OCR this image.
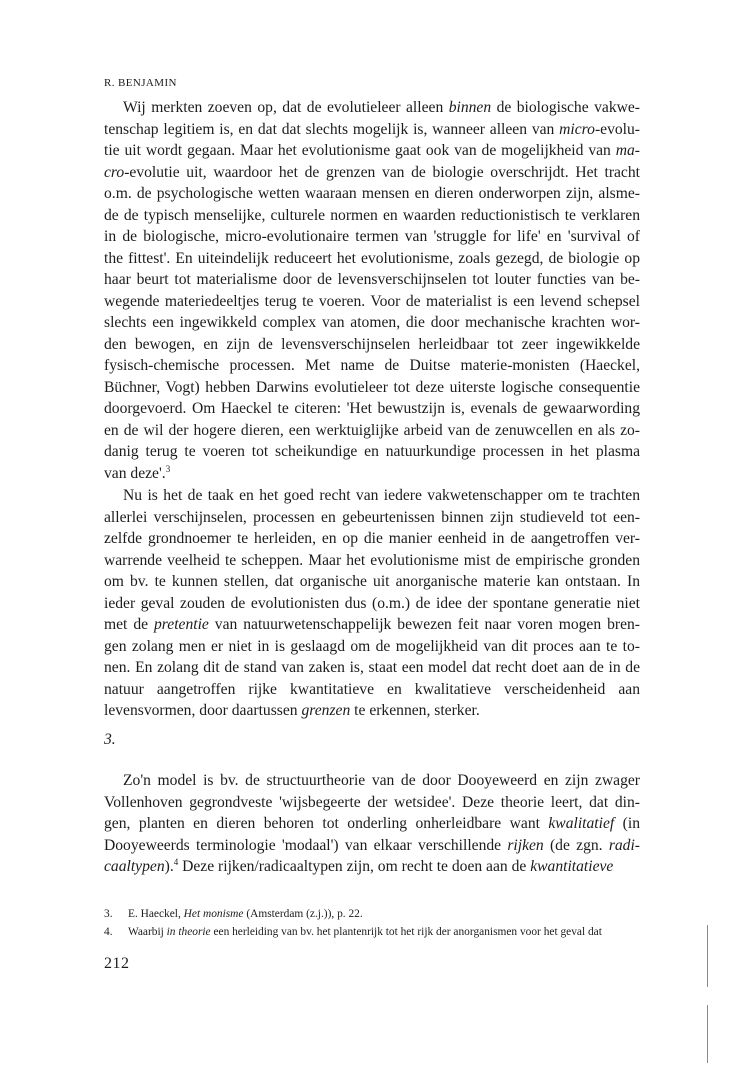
R. BENJAMIN
Wij merkten zoeven op, dat de evolutieleer alleen binnen de biologische vakwe-
tenschap legitiem is, en dat dat slechts mogelijk is, wanneer alleen van micro-evolu-
tie uit wordt gegaan. Maar het evolutionisme gaat ook van de mogelijkheid van ma-
cro-evolutie uit, waardoor het de grenzen van de biologie overschrijdt. Het tracht
o.m. de psychologische wetten waaraan mensen en dieren onderworpen zijn, alsme-
de de typisch menselijke, culturele normen en waarden reductionistisch te verklaren
in de biologische, micro-evolutionaire termen van 'struggle for life' en 'survival of
the fittest'. En uiteindelijk reduceert het evolutionisme, zoals gezegd, de biologie op
haar beurt tot materialisme door de levensverschijnselen tot louter functies van be-
wegende materiedeeltjes terug te voeren. Voor de materialist is een levend schepsel
slechts een ingewikkeld complex van atomen, die door mechanische krachten wor-
den bewogen, en zijn de levensverschijnselen herleidbaar tot zeer ingewikkelde
fysisch-chemische processen. Met name de Duitse materie-monisten (Haeckel,
Büchner, Vogt) hebben Darwins evolutieleer tot deze uiterste logische consequentie
doorgevoerd. Om Haeckel te citeren: 'Het bewustzijn is, evenals de gewaarwording
en de wil der hogere dieren, een werktuiglijke arbeid van de zenuwcellen en als zo-
danig terug te voeren tot scheikundige en natuurkundige processen in het plasma
van deze'.$^3$
Nu is het de taak en het goed recht van iedere vakwetenschapper om te trachten
allerlei verschijnselen, processen en gebeurtenissen binnen zijn studieveld tot een-
zelfde grondnoemer te herleiden, en op die manier eenheid in de aangetroffen ver-
warrende veelheid te scheppen. Maar het evolutionisme mist de empirische gronden
om bv. te kunnen stellen, dat organische uit anorganische materie kan ontstaan. In
ieder geval zouden de evolutionisten dus (o.m.) de idee der spontane generatie niet
met de pretentie van natuurwetenschappelijk bewezen feit naar voren mogen bren-
gen zolang men er niet in is geslaagd om de mogelijkheid van dit proces aan te to-
nen. En zolang dit de stand van zaken is, staat een model dat recht doet aan de in de
natuur aangetroffen rijke kwantitatieve en kwalitatieve verscheidenheid aan
levensvormen, door daartussen grenzen te erkennen, sterker.
3.
Zo'n model is bv. de structuurtheorie van de door Dooyeweerd en zijn zwager
Vollenhoven gegrondveste 'wijsbegeerte der wetsidee'. Deze theorie leert, dat din-
gen, planten en dieren behoren tot onderling onherleidbare want kwalitatief (in
Dooyeweerds terminologie 'modaal') van elkaar verschillende rijken (de zgn. radi-
caaltypen).$^4$ Deze rijken/radicaaltypen zijn, om recht te doen aan de kwantitatieve
3. E. Haeckel, Het monisme (Amsterdam (z.j.)), p. 22.
4. Waarbij in theorie een herleiding van bv. het plantenrijk tot het rijk der anorganismen voor het geval dat
212
